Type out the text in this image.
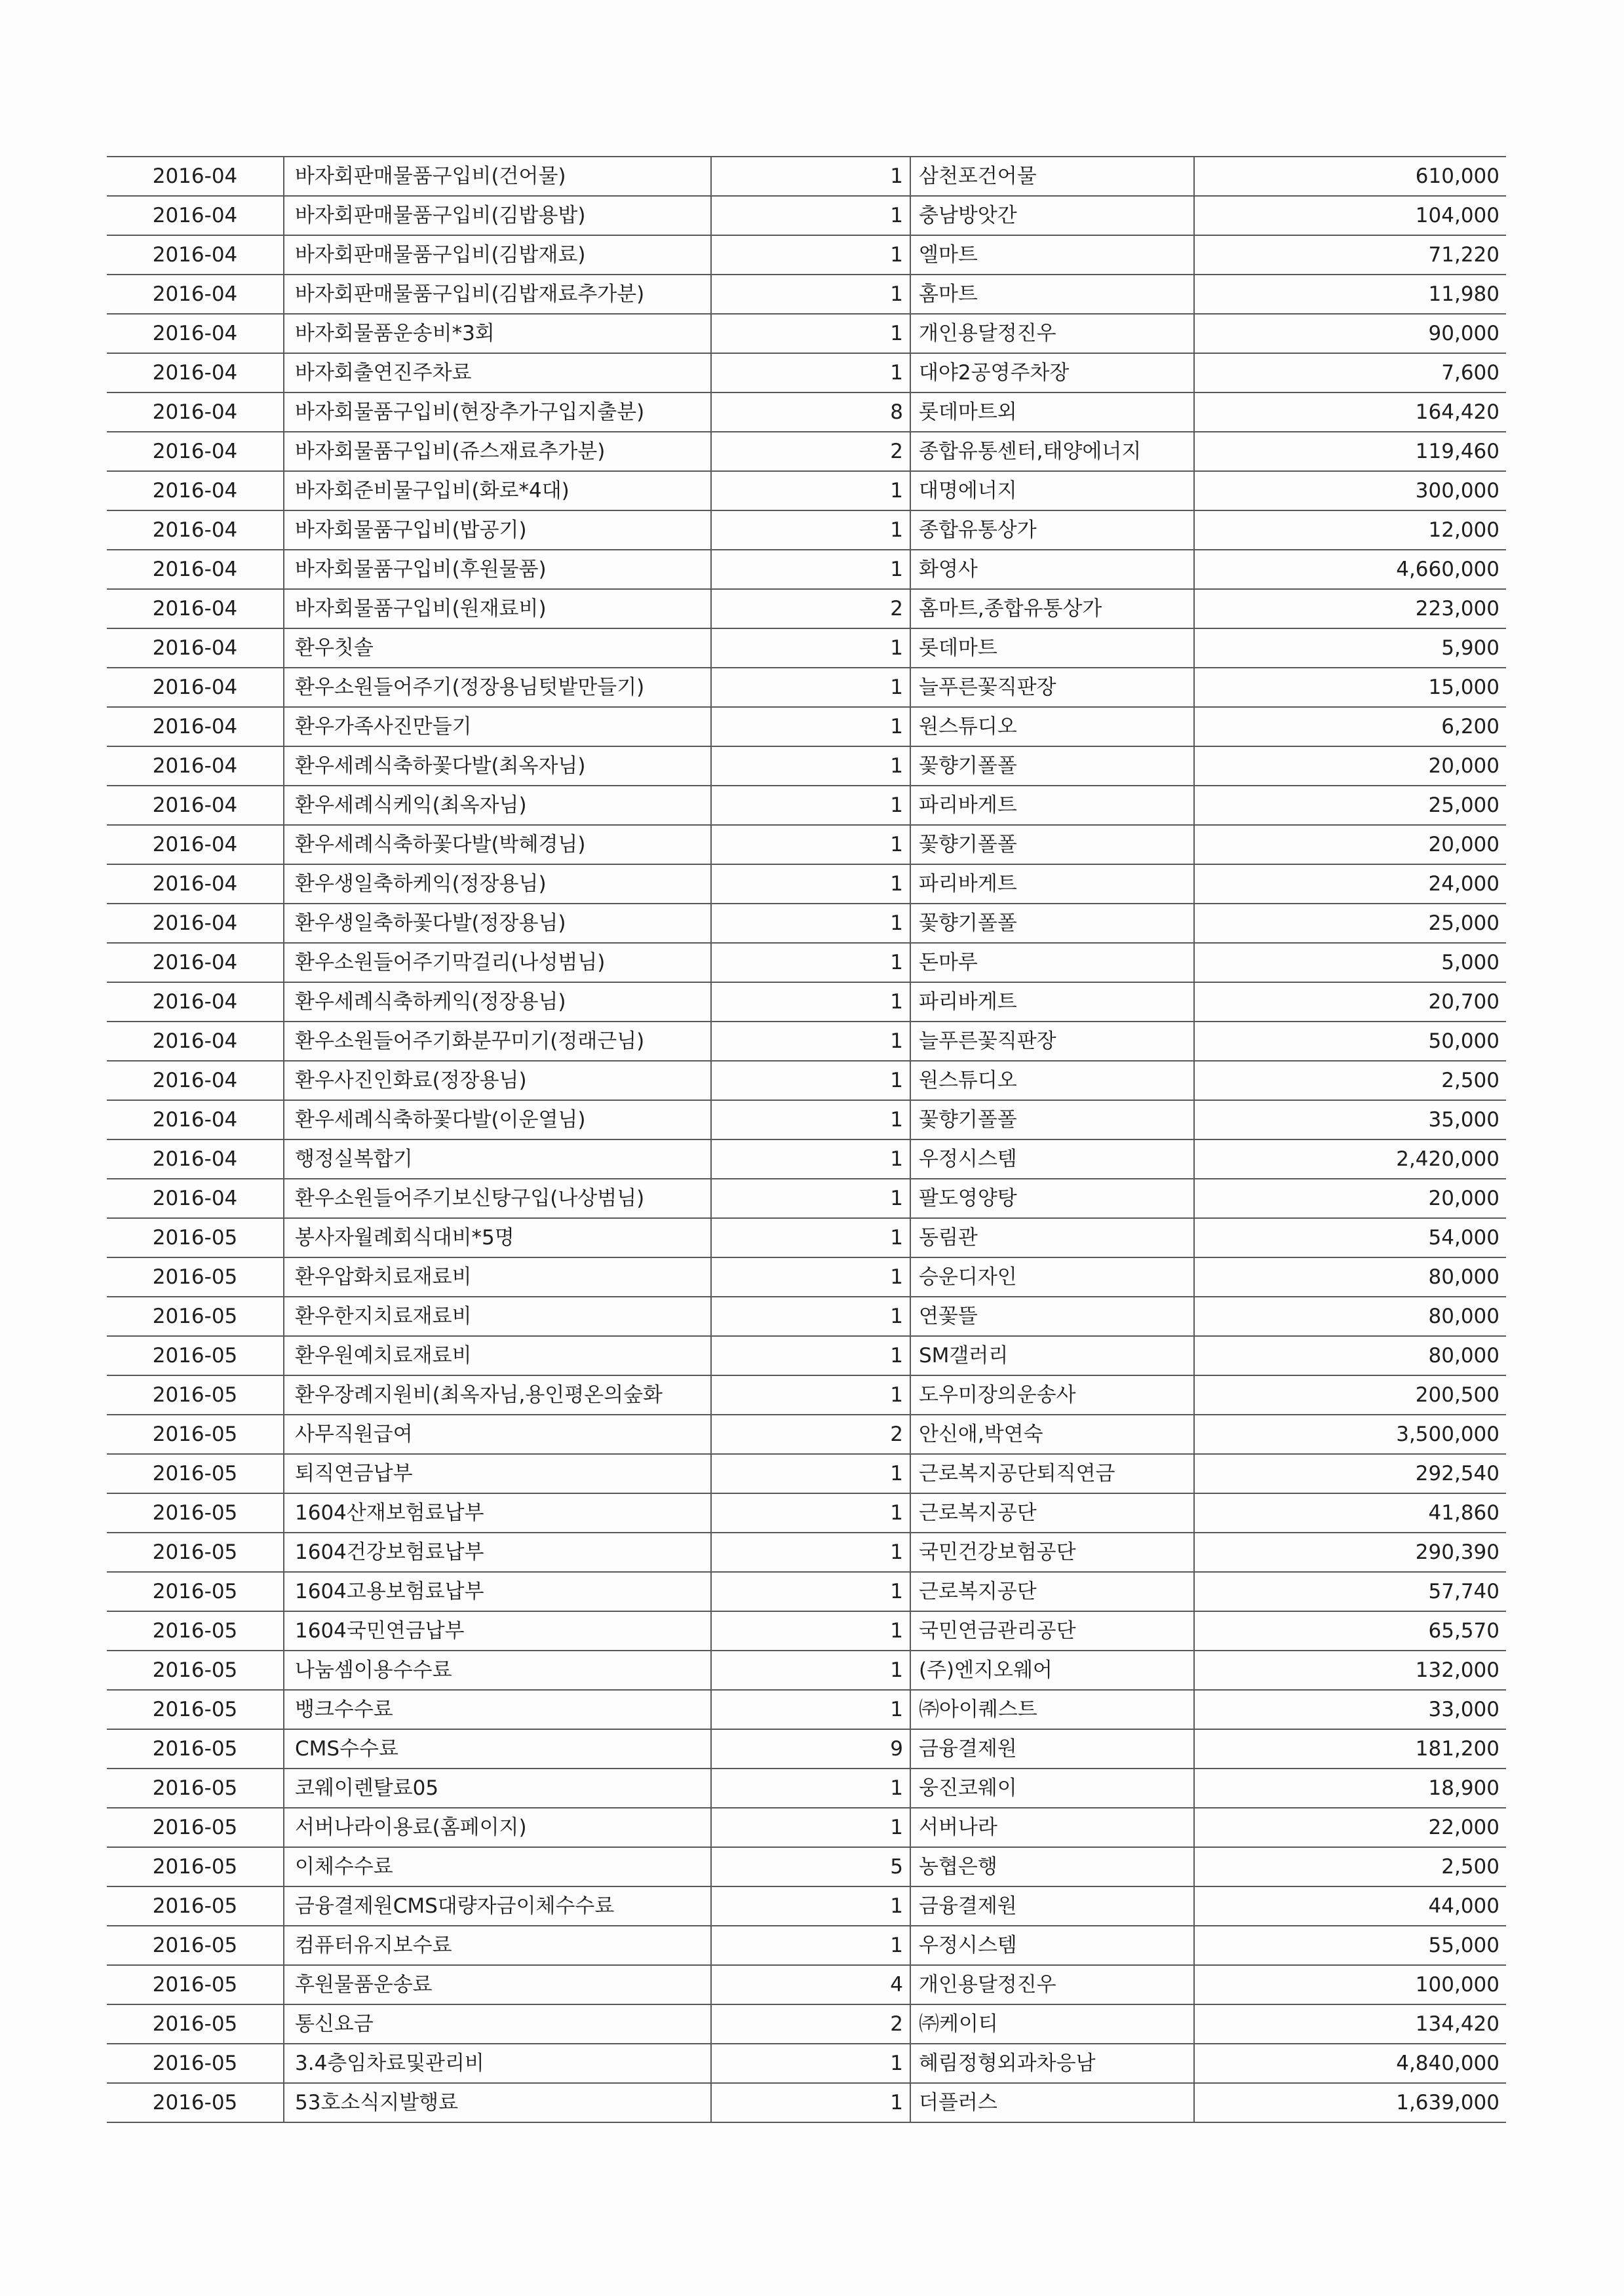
2016-04	바자회판매물품구입비(건어물)	1	삼천포건어물	610,000
2016-04	바자회판매물품구입비(김밥용밥)	1	충남방앗간	104,000
2016-04	바자회판매물품구입비(김밥재료)	1	엘마트	71,220
2016-04	바자회판매물품구입비(김밥재료추가분)	1	홈마트	11,980
2016-04	바자회물품운송비*3회	1	개인용달정진우	90,000
2016-04	바자회출연진주차료	1	대야2공영주차장	7,600
2016-04	바자회물품구입비(현장추가구입지출분)	8	롯데마트외	164,420
2016-04	바자회물품구입비(쥬스재료추가분)	2	종합유통센터,태양에너지	119,460
2016-04	바자회준비물구입비(화로*4대)	1	대명에너지	300,000
2016-04	바자회물품구입비(밥공기)	1	종합유통상가	12,000
2016-04	바자회물품구입비(후원물품)	1	화영사	4,660,000
2016-04	바자회물품구입비(원재료비)	2	홈마트,종합유통상가	223,000
2016-04	환우칫솔	1	롯데마트	5,900
2016-04	환우소원들어주기(정장용님텃밭만들기)	1	늘푸른꽃직판장	15,000
2016-04	환우가족사진만들기	1	원스튜디오	6,200
2016-04	환우세례식축하꽃다발(최옥자님)	1	꽃향기폴폴	20,000
2016-04	환우세례식케익(최옥자님)	1	파리바게트	25,000
2016-04	환우세례식축하꽃다발(박혜경님)	1	꽃향기폴폴	20,000
2016-04	환우생일축하케익(정장용님)	1	파리바게트	24,000
2016-04	환우생일축하꽃다발(정장용님)	1	꽃향기폴폴	25,000
2016-04	환우소원들어주기막걸리(나성범님)	1	돈마루	5,000
2016-04	환우세례식축하케익(정장용님)	1	파리바게트	20,700
2016-04	환우소원들어주기화분꾸미기(정래근님)	1	늘푸른꽃직판장	50,000
2016-04	환우사진인화료(정장용님)	1	원스튜디오	2,500
2016-04	환우세례식축하꽃다발(이운열님)	1	꽃향기폴폴	35,000
2016-04	행정실복합기	1	우정시스템	2,420,000
2016-04	환우소원들어주기보신탕구입(나상범님)	1	팔도영양탕	20,000
2016-05	봉사자월례회식대비*5명	1	동림관	54,000
2016-05	환우압화치료재료비	1	승운디자인	80,000
2016-05	환우한지치료재료비	1	연꽃뜰	80,000
2016-05	환우원예치료재료비	1	SM갤러리	80,000
2016-05	환우장례지원비(최옥자님,용인평온의숲화	1	도우미장의운송사	200,500
2016-05	사무직원급여	2	안신애,박연숙	3,500,000
2016-05	퇴직연금납부	1	근로복지공단퇴직연금	292,540
2016-05	1604산재보험료납부	1	근로복지공단	41,860
2016-05	1604건강보험료납부	1	국민건강보험공단	290,390
2016-05	1604고용보험료납부	1	근로복지공단	57,740
2016-05	1604국민연금납부	1	국민연금관리공단	65,570
2016-05	나눔셈이용수수료	1	(주)엔지오웨어	132,000
2016-05	뱅크수수료	1	㈜아이퀘스트	33,000
2016-05	CMS수수료	9	금융결제원	181,200
2016-05	코웨이렌탈료05	1	웅진코웨이	18,900
2016-05	서버나라이용료(홈페이지)	1	서버나라	22,000
2016-05	이체수수료	5	농협은행	2,500
2016-05	금융결제원CMS대량자금이체수수료	1	금융결제원	44,000
2016-05	컴퓨터유지보수료	1	우정시스템	55,000
2016-05	후원물품운송료	4	개인용달정진우	100,000
2016-05	통신요금	2	㈜케이티	134,420
2016-05	3.4층임차료및관리비	1	혜림정형외과차응남	4,840,000
2016-05	53호소식지발행료	1	더플러스	1,639,000
